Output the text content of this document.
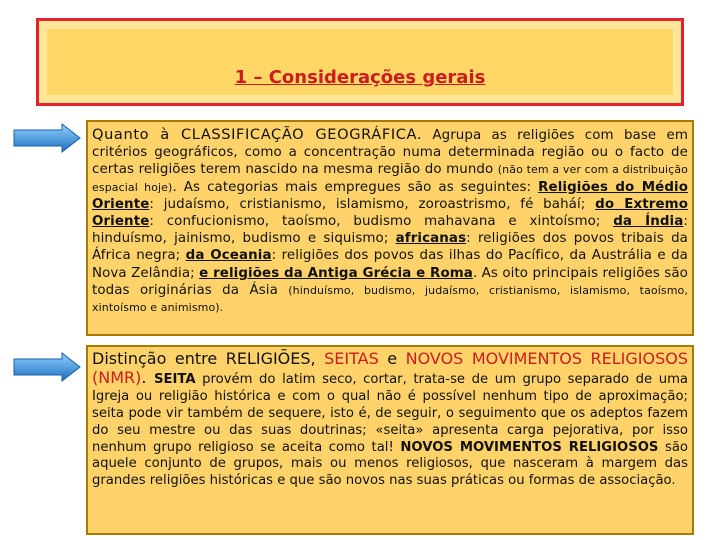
1 – Considerações gerais

Quanto à CLASSIFICAÇÃO GEOGRÁFICA. Agrupa as religiões com base em critérios geográficos, como a concentração numa determinada região ou o facto de certas religiões terem nascido na mesma região do mundo (não tem a ver com a distribuição espacial hoje). As categorias mais empregues são as seguintes: Religiões do Médio Oriente: judaísmo, cristianismo, islamismo, zoroastrismo, fé baháí; do Extremo Oriente: confucionismo, taoísmo, budismo mahavana e xintoísmo; da Índia: hinduísmo, jainismo, budismo e siquismo; africanas: religiões dos povos tribais da África negra; da Oceania: religiões dos povos das ilhas do Pacífico, da Austrália e da Nova Zelândia; e religiões da Antiga Grécia e Roma. As oito principais religiões são todas originárias da Ásia (hinduísmo, budismo, judaísmo, cristianismo, islamismo, taoísmo, xintoísmo e animismo).

Distinção entre RELIGIÕES, SEITAS e NOVOS MOVIMENTOS RELIGIOSOS (NMR). SEITA provém do latim seco, cortar, trata-se de um grupo separado de uma Igreja ou religião histórica e com o qual não é possível nenhum tipo de aproximação; seita pode vir também de sequere, isto é, de seguir, o seguimento que os adeptos fazem do seu mestre ou das suas doutrinas; «seita» apresenta carga pejorativa, por isso nenhum grupo religioso se aceita como tal! NOVOS MOVIMENTOS RELIGIOSOS são aquele conjunto de grupos, mais ou menos religiosos, que nasceram à margem das grandes religiões históricas e que são novos nas suas práticas ou formas de associação.
